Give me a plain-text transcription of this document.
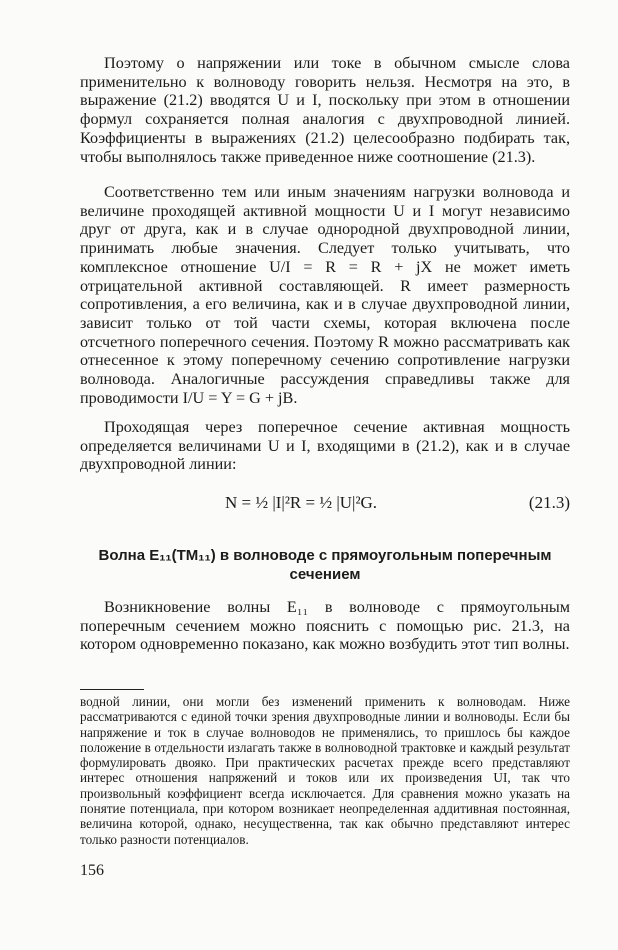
Поэтому о напряжении или токе в обычном смысле слова применительно к волноводу говорить нельзя. Несмотря на это, в выражение (21.2) вводятся U и I, поскольку при этом в отношении формул сохраняется полная аналогия с двухпроводной линией. Коэффициенты в выражениях (21.2) целесообразно подбирать так, чтобы выполнялось также приведенное ниже соотношение (21.3).

Соответственно тем или иным значениям нагрузки волновода и величине проходящей активной мощности U и I могут независимо друг от друга, как и в случае однородной двухпроводной линии, принимать любые значения. Следует только учитывать, что комплексное отношение U/I = R = R + jX не может иметь отрицательной активной составляющей. R имеет размерность сопротивления, а его величина, как и в случае двухпроводной линии, зависит только от той части схемы, которая включена после отсчетного поперечного сечения. Поэтому R можно рассматривать как отнесенное к этому поперечному сечению сопротивление нагрузки волновода. Аналогичные рассуждения справедливы также для проводимости I/U = Y = G + jB.

Проходящая через поперечное сечение активная мощность определяется величинами U и I, входящими в (21.2), как и в случае двухпроводной линии:

N = ½ |I|²R = ½ |U|²G.	(21.3)
Волна E₁₁(TM₁₁) в волноводе с прямоугольным поперечным сечением

Возникновение волны E₁₁ в волноводе с прямоугольным поперечным сечением можно пояснить с помощью рис. 21.3, на котором одновременно показано, как можно возбудить этот тип волны.

водной линии, они могли без изменений применить к волноводам. Ниже рассматриваются с единой точки зрения двухпроводные линии и волноводы. Если бы напряжение и ток в случае волноводов не применялись, то пришлось бы каждое положение в отдельности излагать также в волноводной трактовке и каждый результат формулировать двояко. При практических расчетах прежде всего представляют интерес отношения напряжений и токов или их произведения UI, так что произвольный коэффициент всегда исключается. Для сравнения можно указать на понятие потенциала, при котором возникает неопределенная аддитивная постоянная, величина которой, однако, несущественна, так как обычно представляют интерес только разности потенциалов.

156
